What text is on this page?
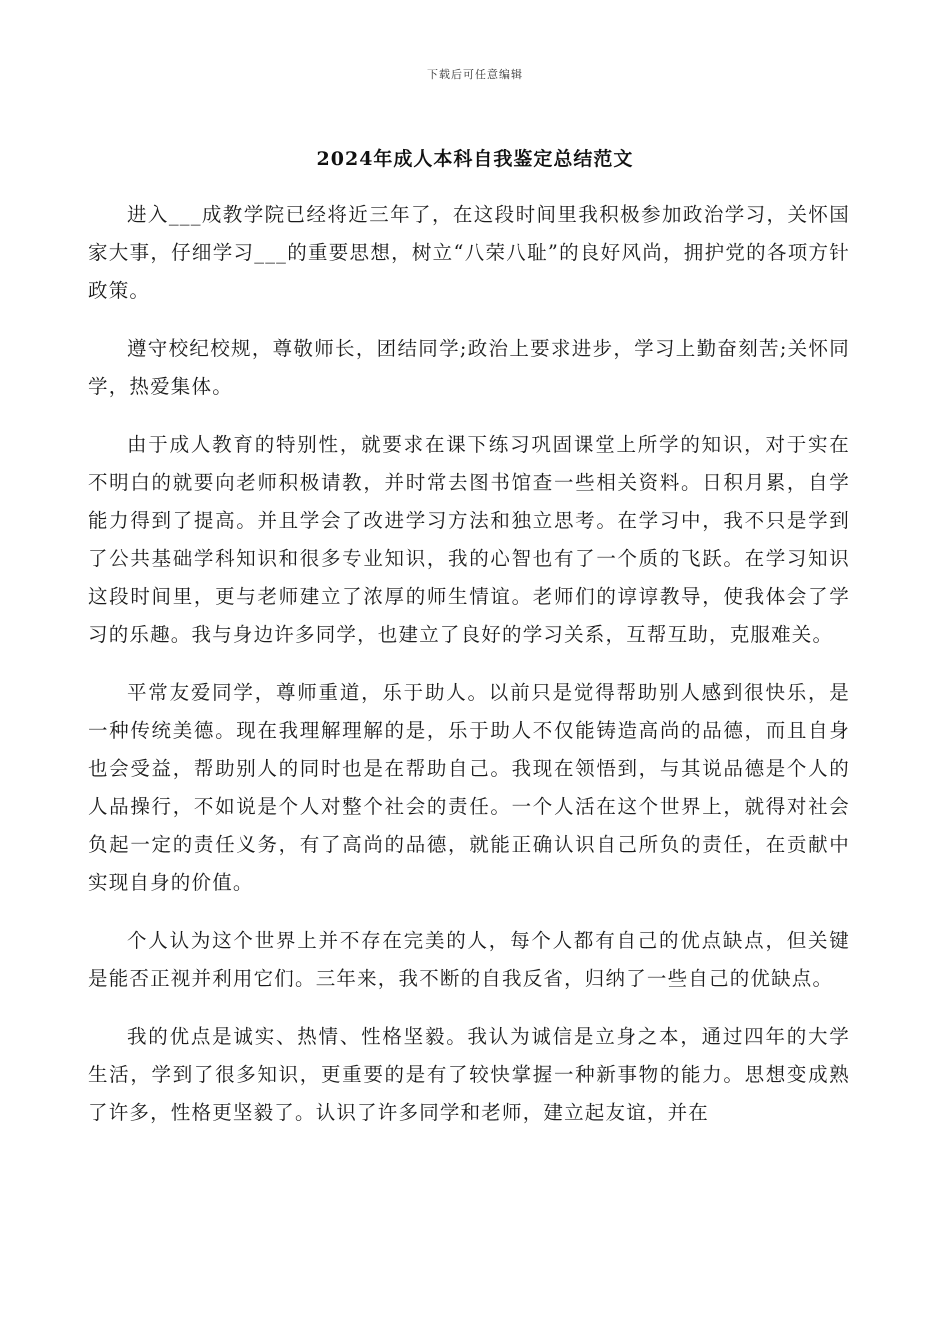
下载后可任意编辑
2024年成人本科自我鉴定总结范文

进入___成教学院已经将近三年了，在这段时间里我积极参加政治学习，关怀国家大事，仔细学习___的重要思想，树立“八荣八耻”的良好风尚，拥护党的各项方针政策。

遵守校纪校规，尊敬师长，团结同学;政治上要求进步，学习上勤奋刻苦;关怀同学，热爱集体。

由于成人教育的特别性，就要求在课下练习巩固课堂上所学的知识，对于实在不明白的就要向老师积极请教，并时常去图书馆查一些相关资料。日积月累，自学能力得到了提高。并且学会了改进学习方法和独立思考。在学习中，我不只是学到了公共基础学科知识和很多专业知识，我的心智也有了一个质的飞跃。在学习知识这段时间里，更与老师建立了浓厚的师生情谊。老师们的谆谆教导，使我体会了学习的乐趣。我与身边许多同学，也建立了良好的学习关系，互帮互助，克服难关。

平常友爱同学，尊师重道，乐于助人。以前只是觉得帮助别人感到很快乐，是一种传统美德。现在我理解理解的是，乐于助人不仅能铸造高尚的品德，而且自身也会受益，帮助别人的同时也是在帮助自己。我现在领悟到，与其说品德是个人的人品操行，不如说是个人对整个社会的责任。一个人活在这个世界上，就得对社会负起一定的责任义务，有了高尚的品德，就能正确认识自己所负的责任，在贡献中实现自身的价值。

个人认为这个世界上并不存在完美的人，每个人都有自己的优点缺点，但关键是能否正视并利用它们。三年来，我不断的自我反省，归纳了一些自己的优缺点。

我的优点是诚实、热情、性格坚毅。我认为诚信是立身之本，通过四年的大学生活，学到了很多知识，更重要的是有了较快掌握一种新事物的能力。思想变成熟了许多，性格更坚毅了。认识了许多同学和老师，建立起友谊，并在
